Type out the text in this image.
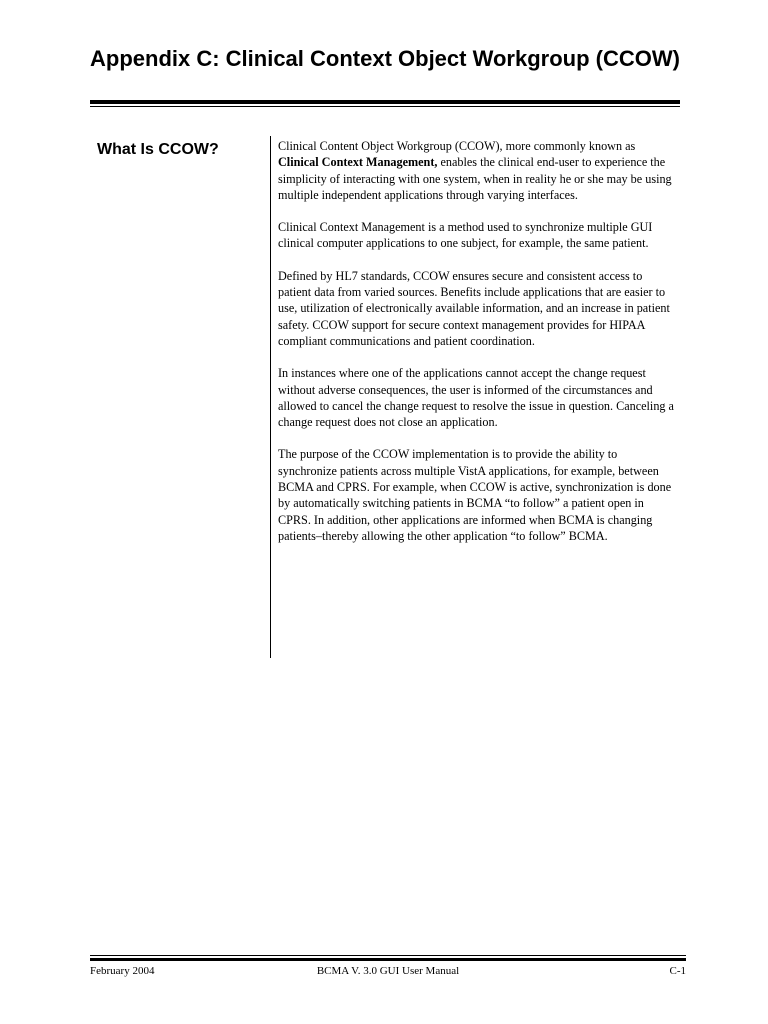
Appendix C: Clinical Context Object Workgroup (CCOW)
What Is CCOW?	Clinical Content Object Workgroup (CCOW), more commonly known as Clinical Context Management, enables the clinical end-user to experience the simplicity of interacting with one system, when in reality he or she may be using multiple independent applications through varying interfaces.

Clinical Context Management is a method used to synchronize multiple GUI clinical computer applications to one subject, for example, the same patient.

Defined by HL7 standards, CCOW ensures secure and consistent access to patient data from varied sources. Benefits include applications that are easier to use, utilization of electronically available information, and an increase in patient safety. CCOW support for secure context management provides for HIPAA compliant communications and patient coordination.

In instances where one of the applications cannot accept the change request without adverse consequences, the user is informed of the circumstances and allowed to cancel the change request to resolve the issue in question. Canceling a change request does not close an application.

The purpose of the CCOW implementation is to provide the ability to synchronize patients across multiple VistA applications, for example, between BCMA and CPRS. For example, when CCOW is active, synchronization is done by automatically switching patients in BCMA “to follow” a patient open in CPRS. In addition, other applications are informed when BCMA is changing patients–thereby allowing the other application “to follow” BCMA.

February 2004	BCMA V. 3.0 GUI User Manual	C-1
